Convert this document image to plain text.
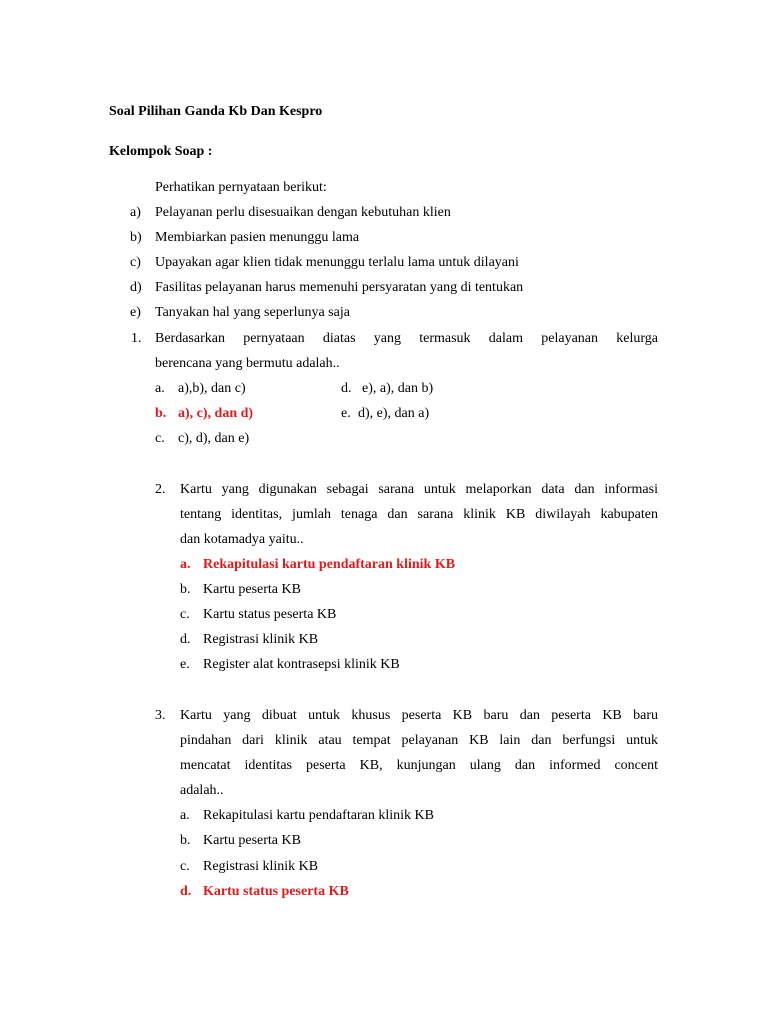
Soal Pilihan Ganda Kb Dan Kespro
Kelompok Soap :
Perhatikan pernyataan berikut:
a) Pelayanan perlu disesuaikan dengan kebutuhan klien
b) Membiarkan pasien menunggu lama
c) Upayakan agar klien tidak menunggu terlalu lama untuk dilayani
d) Fasilitas pelayanan harus memenuhi persyaratan yang di tentukan
e) Tanyakan hal yang seperlunya saja
1. Berdasarkan pernyataan diatas yang termasuk dalam pelayanan kelurga
berencana yang bermutu adalah..
a. a),b), dan c)
b. a), c), dan d)
c. c), d), dan e)
d. e), a), dan b)
e. d), e), dan a)
2. Kartu yang digunakan sebagai sarana untuk melaporkan data dan informasi
tentang identitas, jumlah tenaga dan sarana klinik KB diwilayah kabupaten
dan kotamadya yaitu..
a. Rekapitulasi kartu pendaftaran klinik KB
b. Kartu peserta KB
c. Kartu status peserta KB
d. Registrasi klinik KB
e. Register alat kontrasepsi klinik KB
3. Kartu yang dibuat untuk khusus peserta KB baru dan peserta KB baru
pindahan dari klinik atau tempat pelayanan KB lain dan berfungsi untuk
mencatat identitas peserta KB, kunjungan ulang dan informed concent
adalah..
a. Rekapitulasi kartu pendaftaran klinik KB
b. Kartu peserta KB
c. Registrasi klinik KB
d. Kartu status peserta KB
